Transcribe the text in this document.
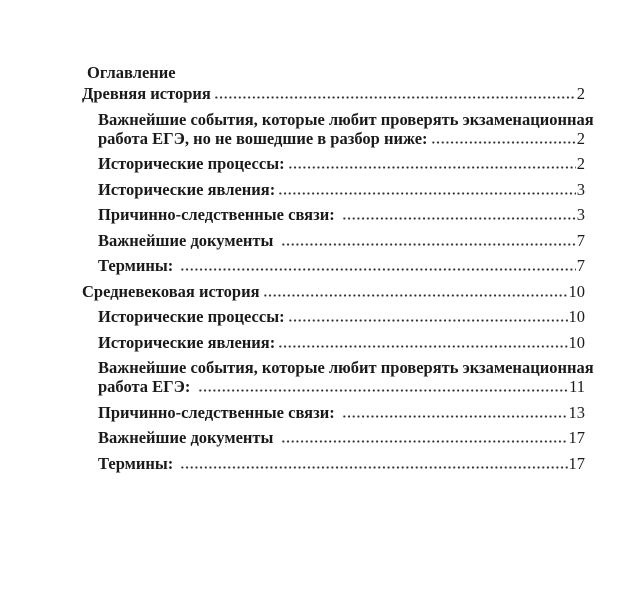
Оглавление
Древняя история	2
Важнейшие события, которые любит проверять экзаменационная
работа ЕГЭ, но не вошедшие в разбор ниже:	2
Исторические процессы:	2
Исторические явления:	3
Причинно-следственные связи:	3
Важнейшие документы	7
Термины:	7
Средневековая история	10
Исторические процессы:	10
Исторические явления:	10
Важнейшие события, которые любит проверять экзаменационная
работа ЕГЭ:	11
Причинно-следственные связи:	13
Важнейшие документы	17
Термины:	17
